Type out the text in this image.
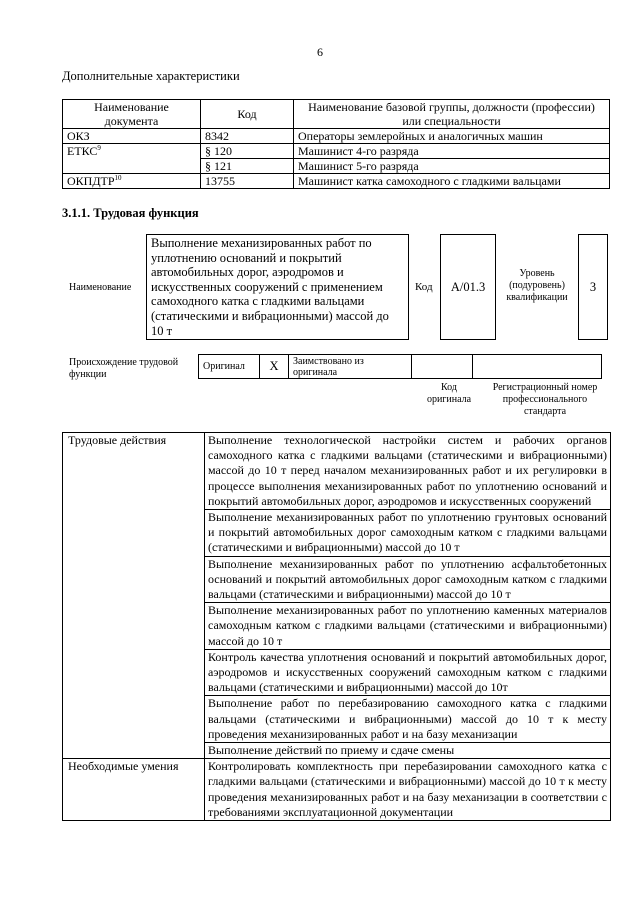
6
Дополнительные характеристики
Наименование документа	Код	Наименование базовой группы, должности (профессии) или специальности
ОКЗ	8342	Операторы землеройных и аналогичных машин
ЕТКС$^9$	§ 120	Машинист 4-го разряда
	§ 121	Машинист 5-го разряда
ОКПДТР$^{10}$	13755	Машинист катка самоходного с гладкими вальцами
3.1.1. Трудовая функция
Наименование
Выполнение механизированных работ по уплотнению оснований и покрытий автомобильных дорог, аэродромов и искусственных сооружений с применением самоходного катка с гладкими вальцами (статическими и вибрационными) массой до 10 т
Код	A/01.3
Уровень (подуровень) квалификации
3
Происхождение трудовой функции
Оригинал	X	Заимствовано из оригинала		
Код оригинала
Регистрационный номер профессионального стандарта
Трудовые действия	Выполнение технологической настройки систем и рабочих органов самоходного катка с гладкими вальцами (статическими и вибрационными) массой до 10 т перед началом механизированных работ и их регулировки в процессе выполнения механизированных работ по уплотнению оснований и покрытий автомобильных дорог, аэродромов и искусственных сооружений
	Выполнение механизированных работ по уплотнению грунтовых оснований и покрытий автомобильных дорог самоходным катком с гладкими вальцами (статическими и вибрационными) массой до 10 т
	Выполнение механизированных работ по уплотнению асфальтобетонных оснований и покрытий автомобильных дорог самоходным катком с гладкими вальцами (статическими и вибрационными) массой до 10 т
	Выполнение механизированных работ по уплотнению каменных материалов самоходным катком с гладкими вальцами (статическими и вибрационными) массой до 10 т
	Контроль качества уплотнения оснований и покрытий автомобильных дорог, аэродромов и искусственных сооружений самоходным катком с гладкими вальцами (статическими и вибрационными) массой до 10т
	Выполнение работ по перебазированию самоходного катка с гладкими вальцами (статическими и вибрационными) массой до 10 т к месту проведения механизированных работ и на базу механизации
	Выполнение действий по приему и сдаче смены
Необходимые умения	Контролировать комплектность при перебазировании самоходного катка с гладкими вальцами (статическими и вибрационными) массой до 10 т к месту проведения механизированных работ и на базу механизации в соответствии с требованиями эксплуатационной документации
